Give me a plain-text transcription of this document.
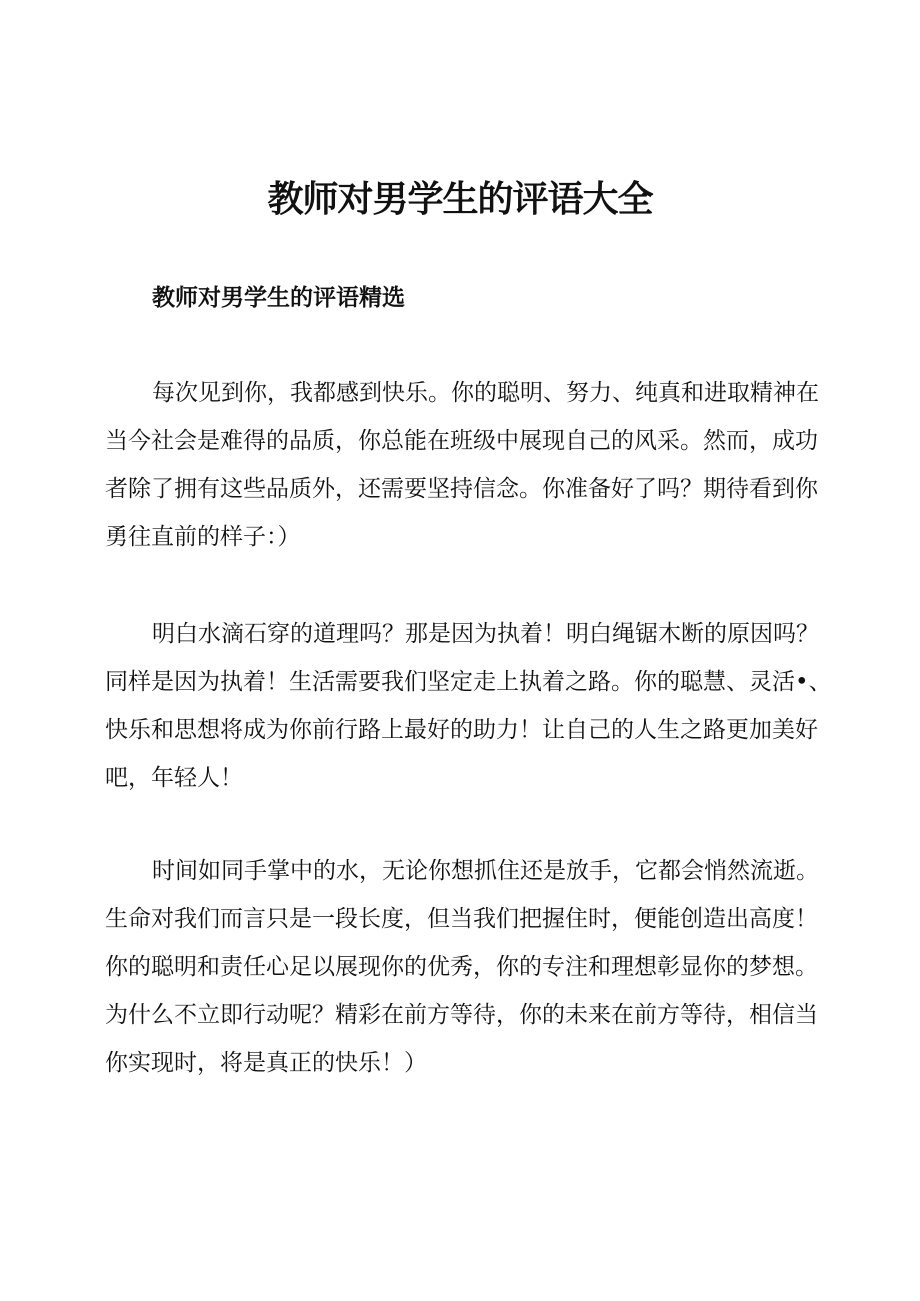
教师对男学生的评语大全
教师对男学生的评语精选
每次见到你，我都感到快乐。你的聪明、努力、纯真和进取精神在
当今社会是难得的品质，你总能在班级中展现自己的风采。然而，成功
者除了拥有这些品质外，还需要坚持信念。你准备好了吗？期待看到你
勇往直前的样子：）
明白水滴石穿的道理吗？那是因为执着！明白绳锯木断的原因吗？
同样是因为执着！生活需要我们坚定走上执着之路。你的聪慧、灵活•、
快乐和思想将成为你前行路上最好的助力！让自己的人生之路更加美好
吧，年轻人！
时间如同手掌中的水，无论你想抓住还是放手，它都会悄然流逝。
生命对我们而言只是一段长度，但当我们把握住时，便能创造出高度！
你的聪明和责任心足以展现你的优秀，你的专注和理想彰显你的梦想。
为什么不立即行动呢？精彩在前方等待，你的未来在前方等待，相信当
你实现时，将是真正的快乐！）
